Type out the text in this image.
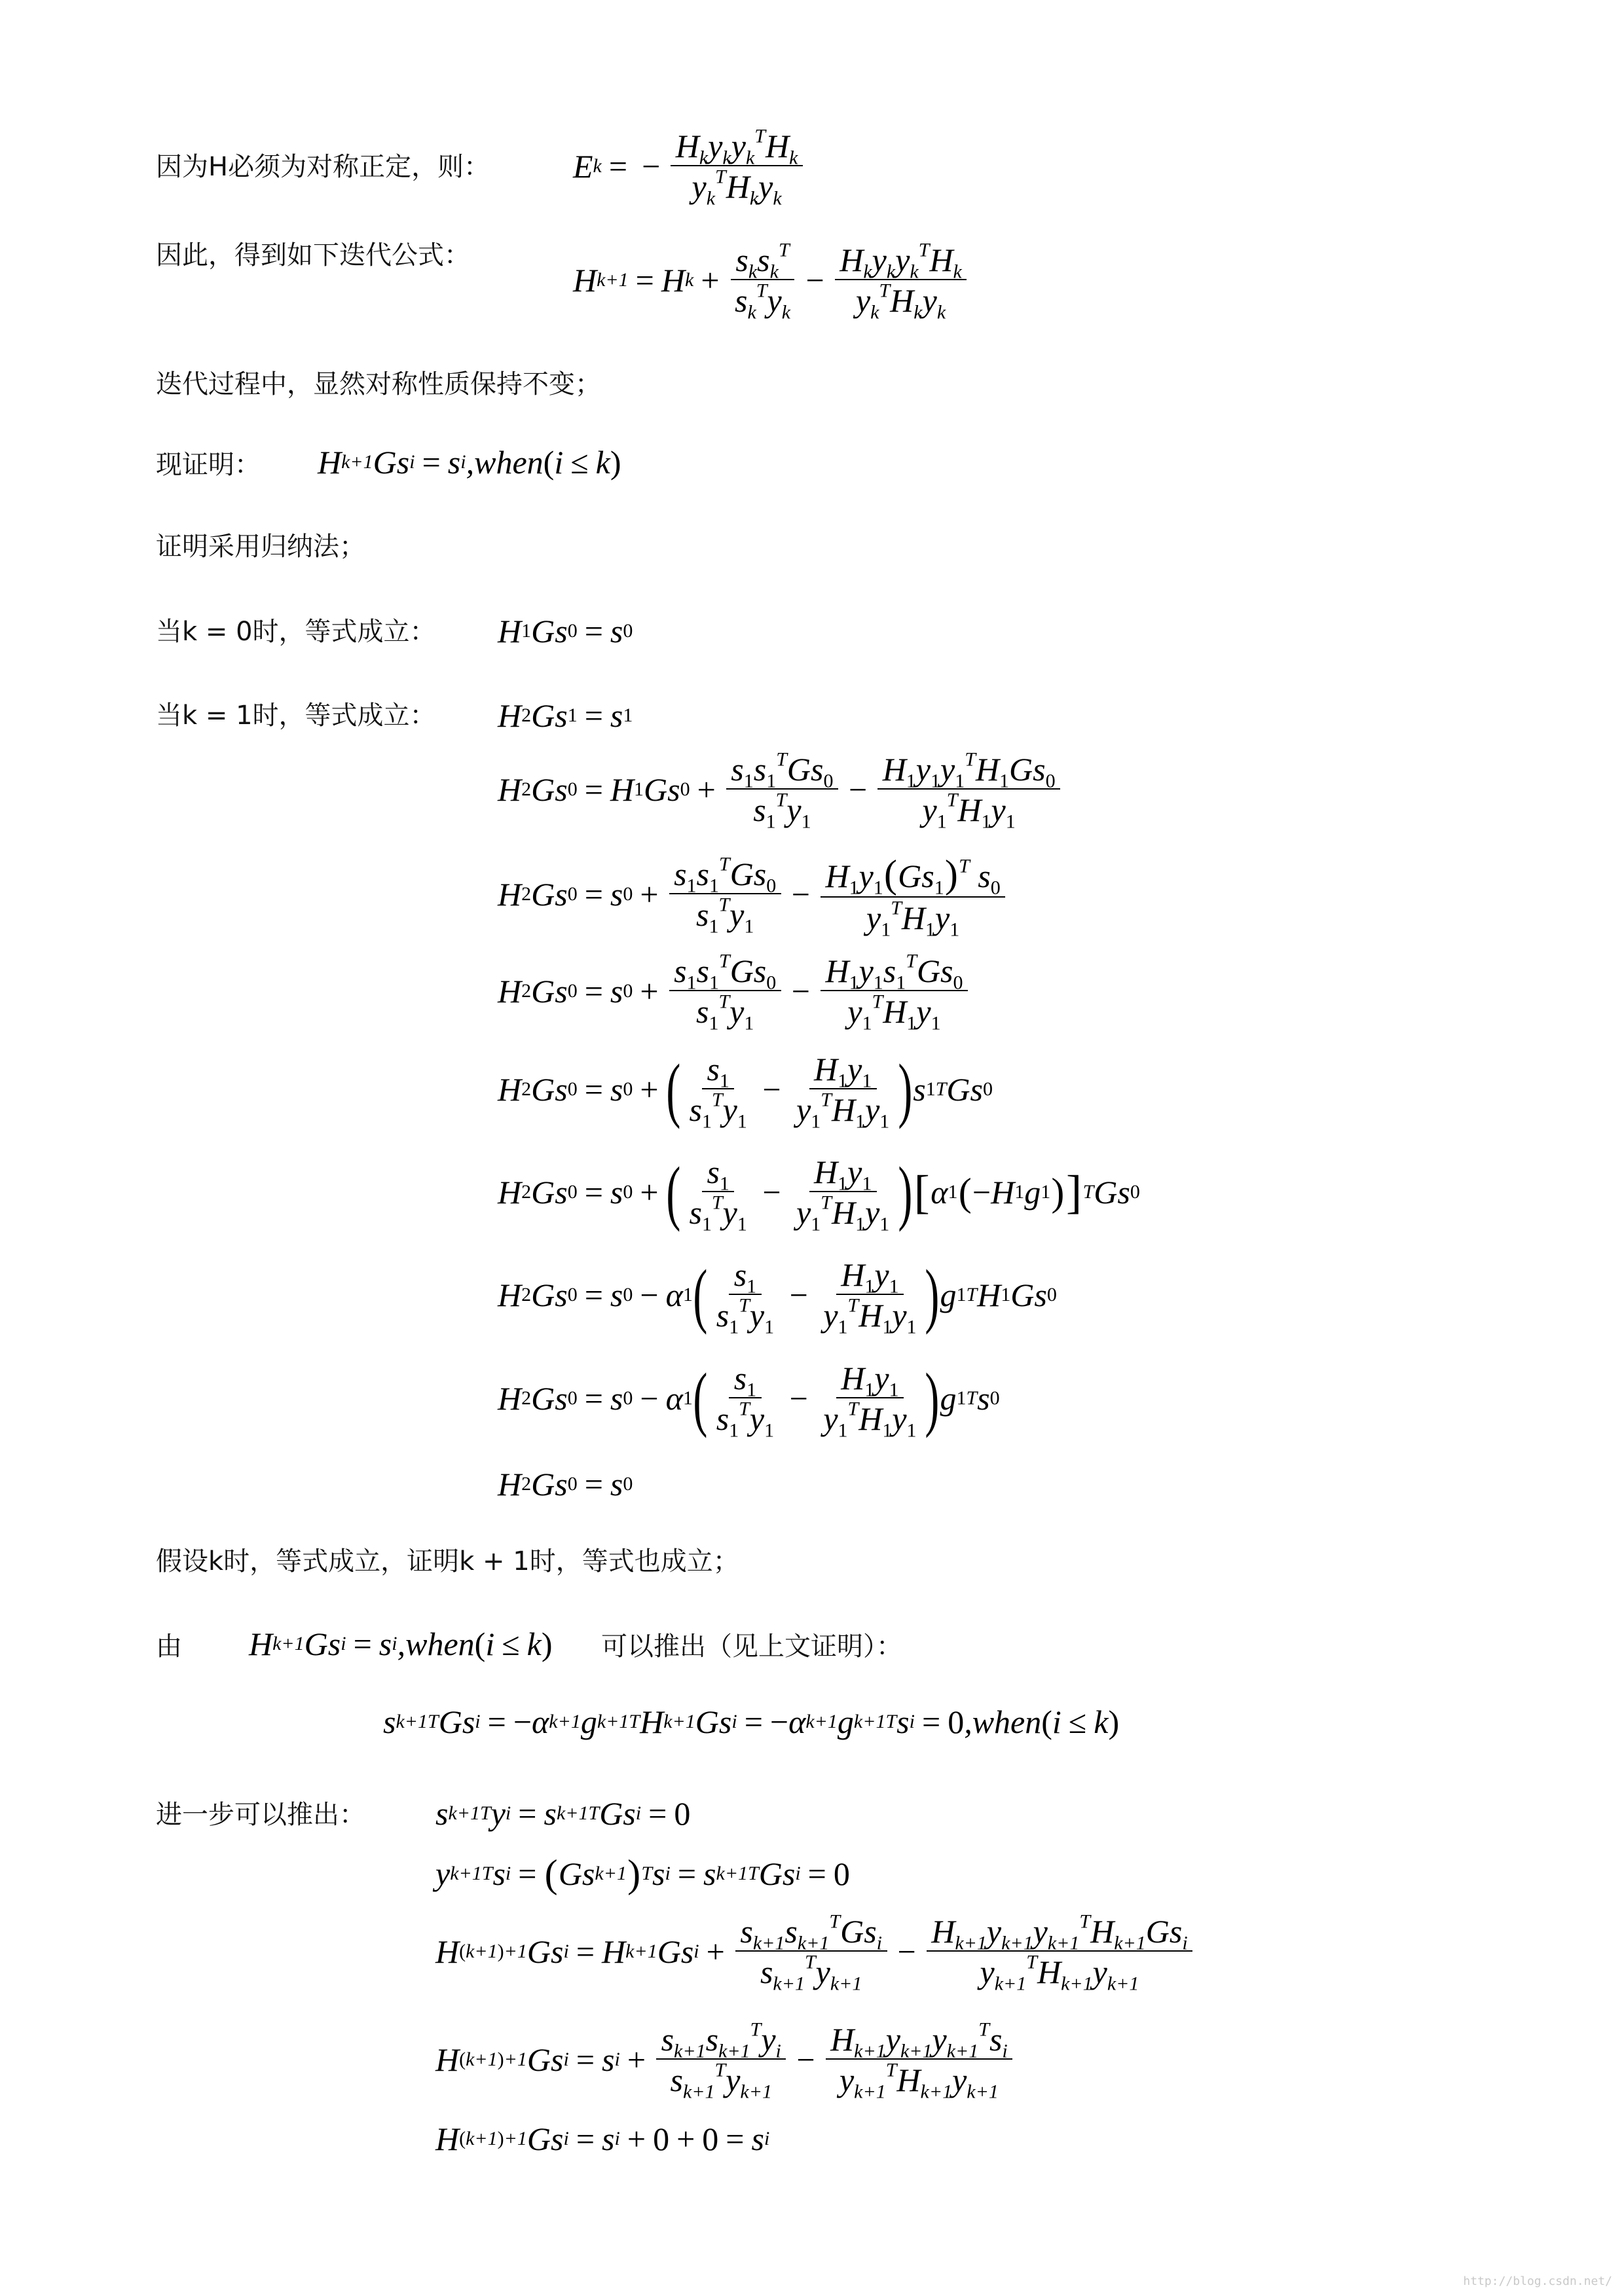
因为H必须为对称正定，则：	E k = − $\frac{H_ky_ky_k^TH_k}{y_k^TH_ky_k}$
因此，得到如下迭代公式：
H k+1 = H $k + \frac{s_ks_k^T}{s_k^Ty_k} - \frac{H_ky_ky_k^TH_k}{y_k^TH_ky_k}$
迭代过程中，显然对称性质保持不变；
现证明： H k+1 Gs i = s i ,when ( i ≤ k )
证明采用归纳法；
当k = 0时，等式成立： H 1 Gs 0 = s 0
当k = 1时，等式成立： H 2 Gs 1 = s 1
H 2 Gs 0 = H 1 Gs $0 + \frac{s_1s_1^TGs_0}{s_1^Ty_1} - \frac{H_1y_1y_1^TH_1Gs_0}{y_1^TH_1y_1}$
H 2 Gs 0 = s $0 + \frac{s_1s_1^TGs_0}{s_1^Ty_1} - \frac{H_1y_1(Gs_1)^T s_0}{y_1^TH_1y_1}$
H 2 Gs 0 = s $0 + \frac{s_1s_1^TGs_0}{s_1^Ty_1} - \frac{H_1y_1s_1^TGs_0}{y_1^TH_1y_1}$
H 2 Gs 0 = s 0 + ( $\frac{s_1}{s_1^Ty_1} - \frac{H_1y_1}{y_1^TH_1y_1}$ ) s 1 T Gs 0
H 2 Gs 0 = s 0 + ( $\frac{s_1}{s_1^Ty_1} - \frac{H_1y_1}{y_1^TH_1y_1}$ ) [ α 1 ( − H 1 g 1 ) ] T Gs 0
H 2 Gs 0 = s 0 − α 1 ( $\frac{s_1}{s_1^Ty_1} - \frac{H_1y_1}{y_1^TH_1y_1}$ ) g 1 T H 1 Gs 0
H 2 Gs 0 = s 0 − α 1 ( $\frac{s_1}{s_1^Ty_1} - \frac{H_1y_1}{y_1^TH_1y_1}$ ) g 1 T s 0
H 2 Gs 0 = s 0
假设k时，等式成立，证明k + 1时，等式也成立；
由 H k+1 Gs i = s i ,when ( i ≤ k ) 可以推出（见上文证明）：
s k+1 T Gs i = − α k+1 g k+1 T H k+1 Gs i = − α k+1 g k+1 T s i = 0 ,when ( i ≤ k )
进一步可以推出： s k+1 T y i = s k+1 T Gs i = 0
y k+1 T s i = ( Gs k+1 ) T s i = s k+1 T Gs i = 0
H (k+1)+1 Gs i = H k+1 Gs $i + \frac{s_{k+1}s_{k+1}^TGs_i}{s_{k+1}^Ty_{k+1}} - \frac{H_{k+1}y_{k+1}y_{k+1}^TH_{k+1}Gs_i}{y_{k+1}^TH_{k+1}y_{k+1}}$
H (k+1)+1 Gs i = s $i + \frac{s_{k+1}s_{k+1}^Ty_i}{s_{k+1}^Ty_{k+1}} - \frac{H_{k+1}y_{k+1}y_{k+1}^Ts_i}{y_{k+1}^TH_{k+1}y_{k+1}}$
H (k+1)+1 Gs i = s i + 0 + 0 = s i
http://blog.csdn.net/
